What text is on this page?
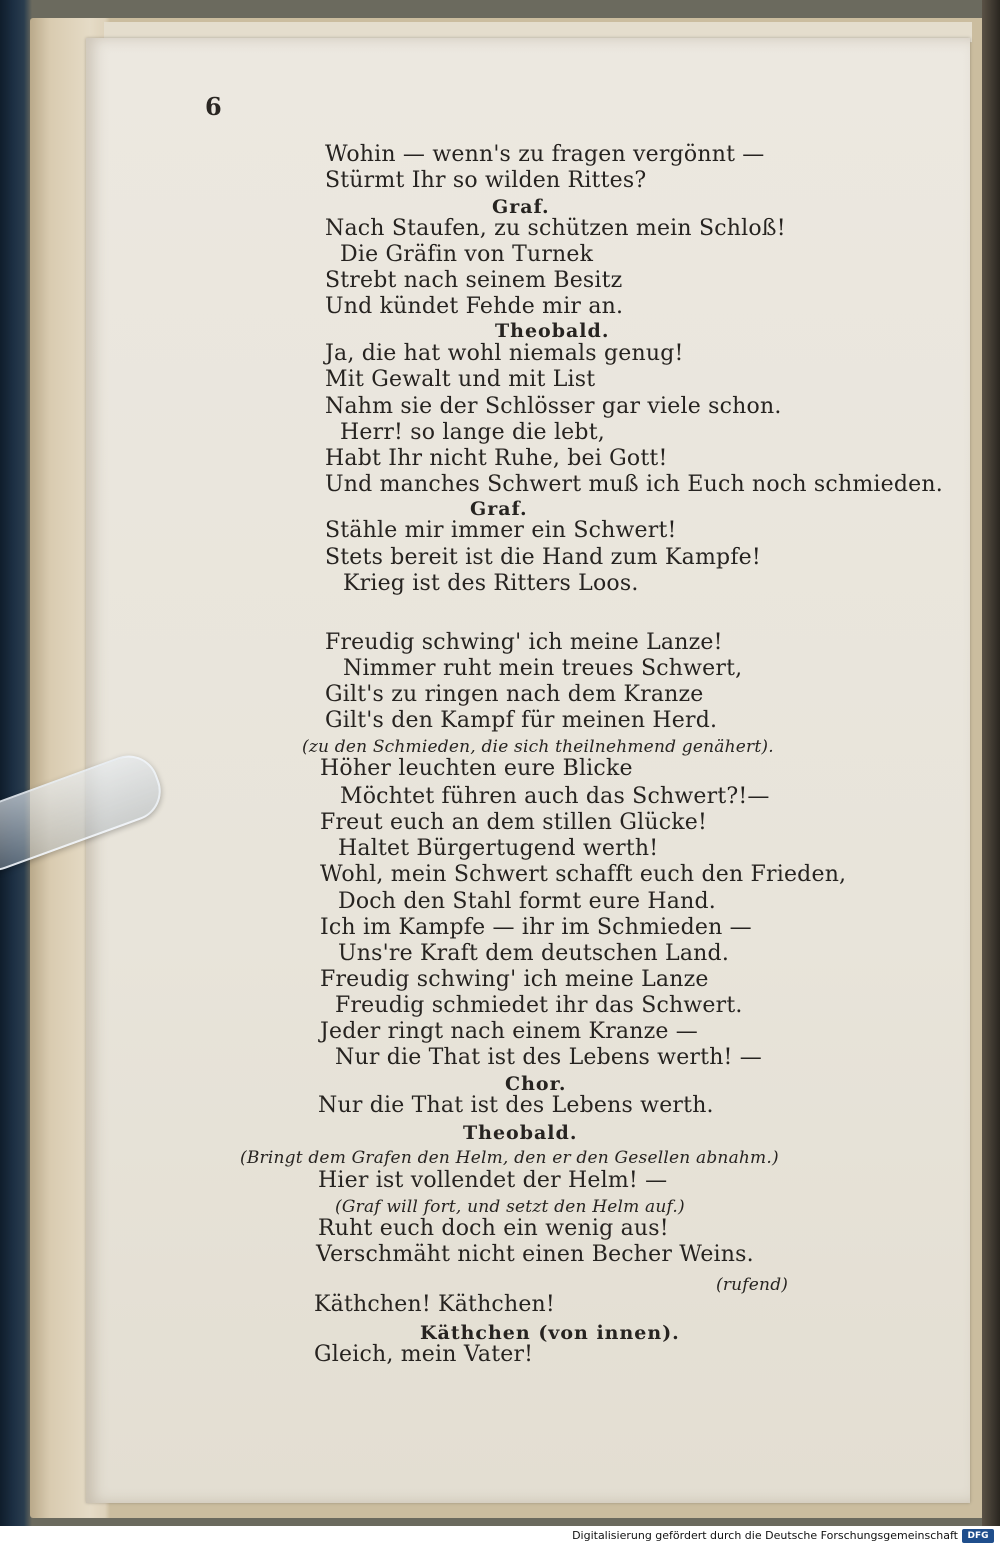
6
Wohin — wenn's zu fragen vergönnt —
Stürmt Ihr so wilden Rittes?
Graf.
Nach Staufen, zu schützen mein Schloß!
Die Gräfin von Turnek
Strebt nach seinem Besitz
Und kündet Fehde mir an.
Theobald.
Ja, die hat wohl niemals genug!
Mit Gewalt und mit List
Nahm sie der Schlösser gar viele schon.
Herr! so lange die lebt,
Habt Ihr nicht Ruhe, bei Gott!
Und manches Schwert muß ich Euch noch schmieden.
Graf.
Stähle mir immer ein Schwert!
Stets bereit ist die Hand zum Kampfe!
Krieg ist des Ritters Loos.
Freudig schwing' ich meine Lanze!
Nimmer ruht mein treues Schwert,
Gilt's zu ringen nach dem Kranze
Gilt's den Kampf für meinen Herd.
(zu den Schmieden, die sich theilnehmend genähert).
Höher leuchten eure Blicke
Möchtet führen auch das Schwert?!—
Freut euch an dem stillen Glücke!
Haltet Bürgertugend werth!
Wohl, mein Schwert schafft euch den Frieden,
Doch den Stahl formt eure Hand.
Ich im Kampfe — ihr im Schmieden —
Uns're Kraft dem deutschen Land.
Freudig schwing' ich meine Lanze
Freudig schmiedet ihr das Schwert.
Jeder ringt nach einem Kranze —
Nur die That ist des Lebens werth! —
Chor.
Nur die That ist des Lebens werth.
Theobald.
(Bringt dem Grafen den Helm, den er den Gesellen abnahm.)
Hier ist vollendet der Helm! —
(Graf will fort, und setzt den Helm auf.)
Ruht euch doch ein wenig aus!
Verschmäht nicht einen Becher Weins.
(rufend)
Käthchen! Käthchen!
Käthchen (von innen).
Gleich, mein Vater!
Digitalisierung gefördert durch die Deutsche Forschungsgemeinschaft	DFG
